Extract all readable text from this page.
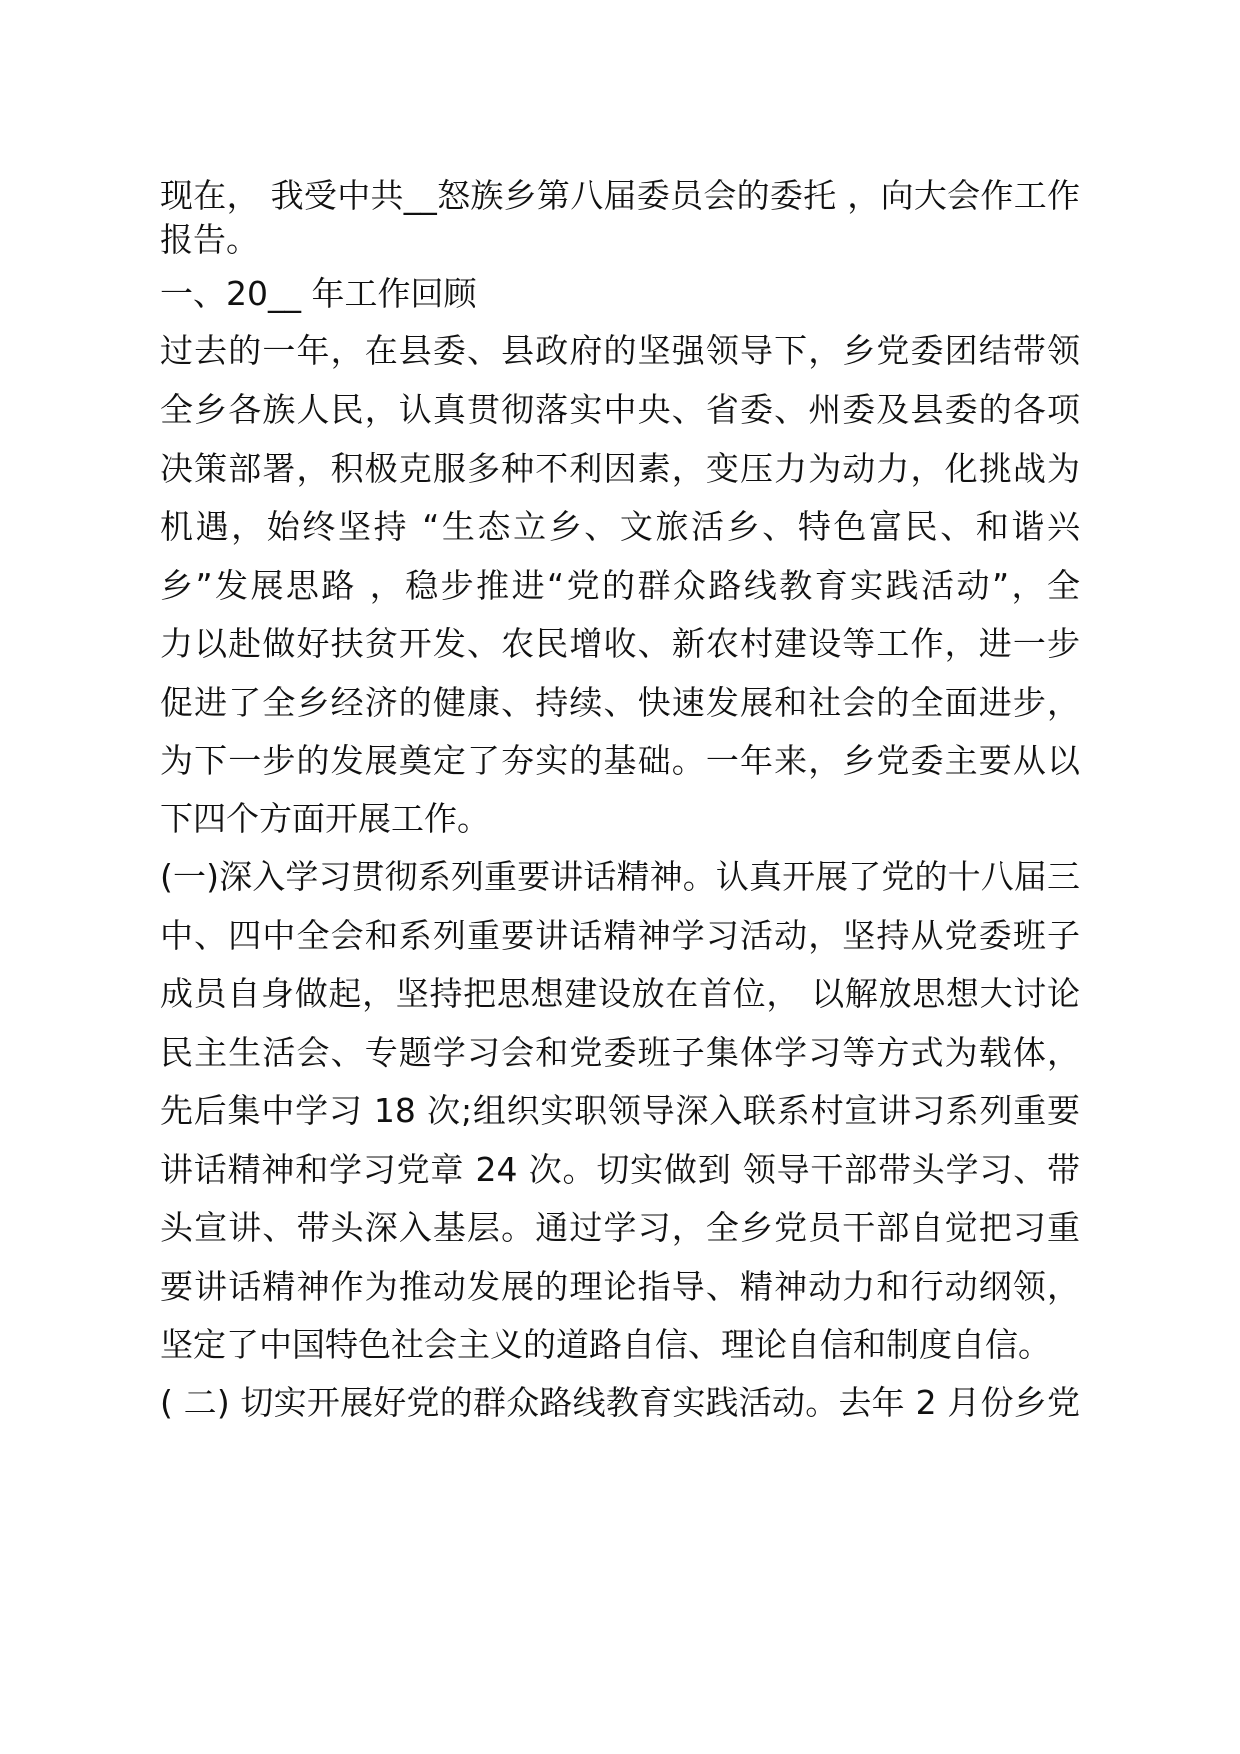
现在， 我受中共__怒族乡第八届委员会的委托 ，向大会作工作

报告。

一、20__ 年工作回顾

过去的一年，在县委、县政府的坚强领导下，乡党委团结带领

全乡各族人民，认真贯彻落实中央、省委、州委及县委的各项

决策部署，积极克服多种不利因素，变压力为动力，化挑战为

机遇，始终坚持 “生态立乡、文旅活乡、特色富民、和谐兴

乡”发展思路 ，稳步推进“党的群众路线教育实践活动”，全

力以赴做好扶贫开发、农民增收、新农村建设等工作，进一步

促进了全乡经济的健康、持续、快速发展和社会的全面进步，

为下一步的发展奠定了夯实的基础。一年来，乡党委主要从以

下四个方面开展工作。

(一)深入学习贯彻系列重要讲话精神。认真开展了党的十八届三

中、四中全会和系列重要讲话精神学习活动，坚持从党委班子

成员自身做起，坚持把思想建设放在首位， 以解放思想大讨论

民主生活会、专题学习会和党委班子集体学习等方式为载体，

先后集中学习 18 次;组织实职领导深入联系村宣讲习系列重要

讲话精神和学习党章 24 次。切实做到 领导干部带头学习、带

头宣讲、带头深入基层。通过学习，全乡党员干部自觉把习重

要讲话精神作为推动发展的理论指导、精神动力和行动纲领，

坚定了中国特色社会主义的道路自信、理论自信和制度自信。

( 二) 切实开展好党的群众路线教育实践活动。去年 2 月份乡党
